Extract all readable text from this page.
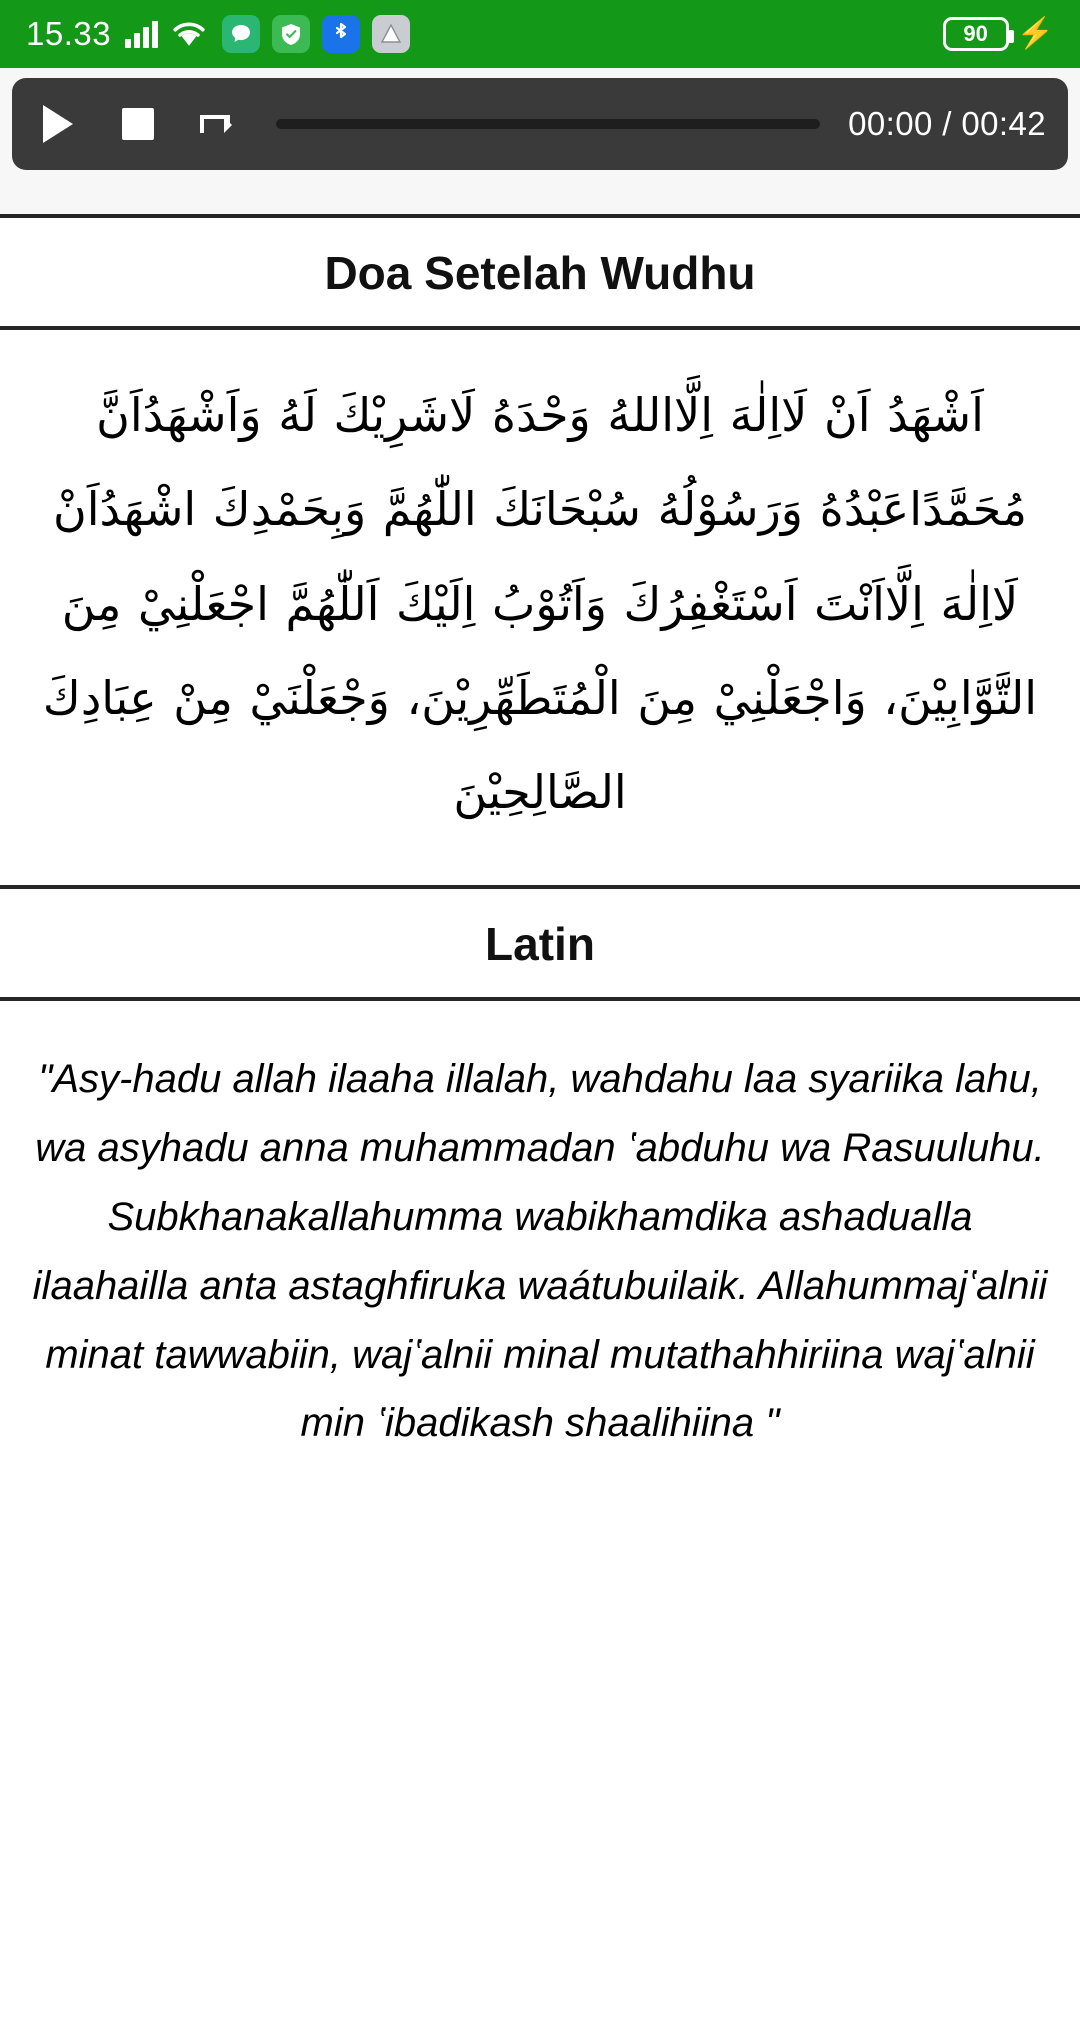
15.33	90 ⚡
00:00 / 00:42
Doa Setelah Wudhu
اَشْهَدُ اَنْ لَااِلٰهَ اِلَّااللهُ وَحْدَهُ لَاشَرِيْكَ لَهُ وَاَشْهَدُاَنَّ مُحَمَّدًاعَبْدُهُ وَرَسُوْلُهُ سُبْحَانَكَ اللّٰهُمَّ وَبِحَمْدِكَ اشْهَدُاَنْ لَااِلٰهَ اِلَّااَنْتَ اَسْتَغْفِرُكَ وَاَتُوْبُ اِلَيْكَ اَللّٰهُمَّ اجْعَلْنِيْ مِنَ التَّوَّابِيْنَ، وَاجْعَلْنِيْ مِنَ الْمُتَطَهِّرِيْنَ، وَجْعَلْنَيْ مِنْ عِبَادِكَ الصَّالِحِيْنَ
Latin
"Asy‑hadu allah ilaaha illalah, wahdahu laa syariika lahu, wa asyhadu anna muhammadan ʽabduhu wa Rasuuluhu. Subkhanakallahumma wabikhamdika ashadualla ilaahailla anta astaghfiruka waátubuilaik. Allahummajʽalnii minat tawwabiin, wajʽalnii minal mutathahhiriina wajʽalnii min ʽibadikash shaalihiina "
